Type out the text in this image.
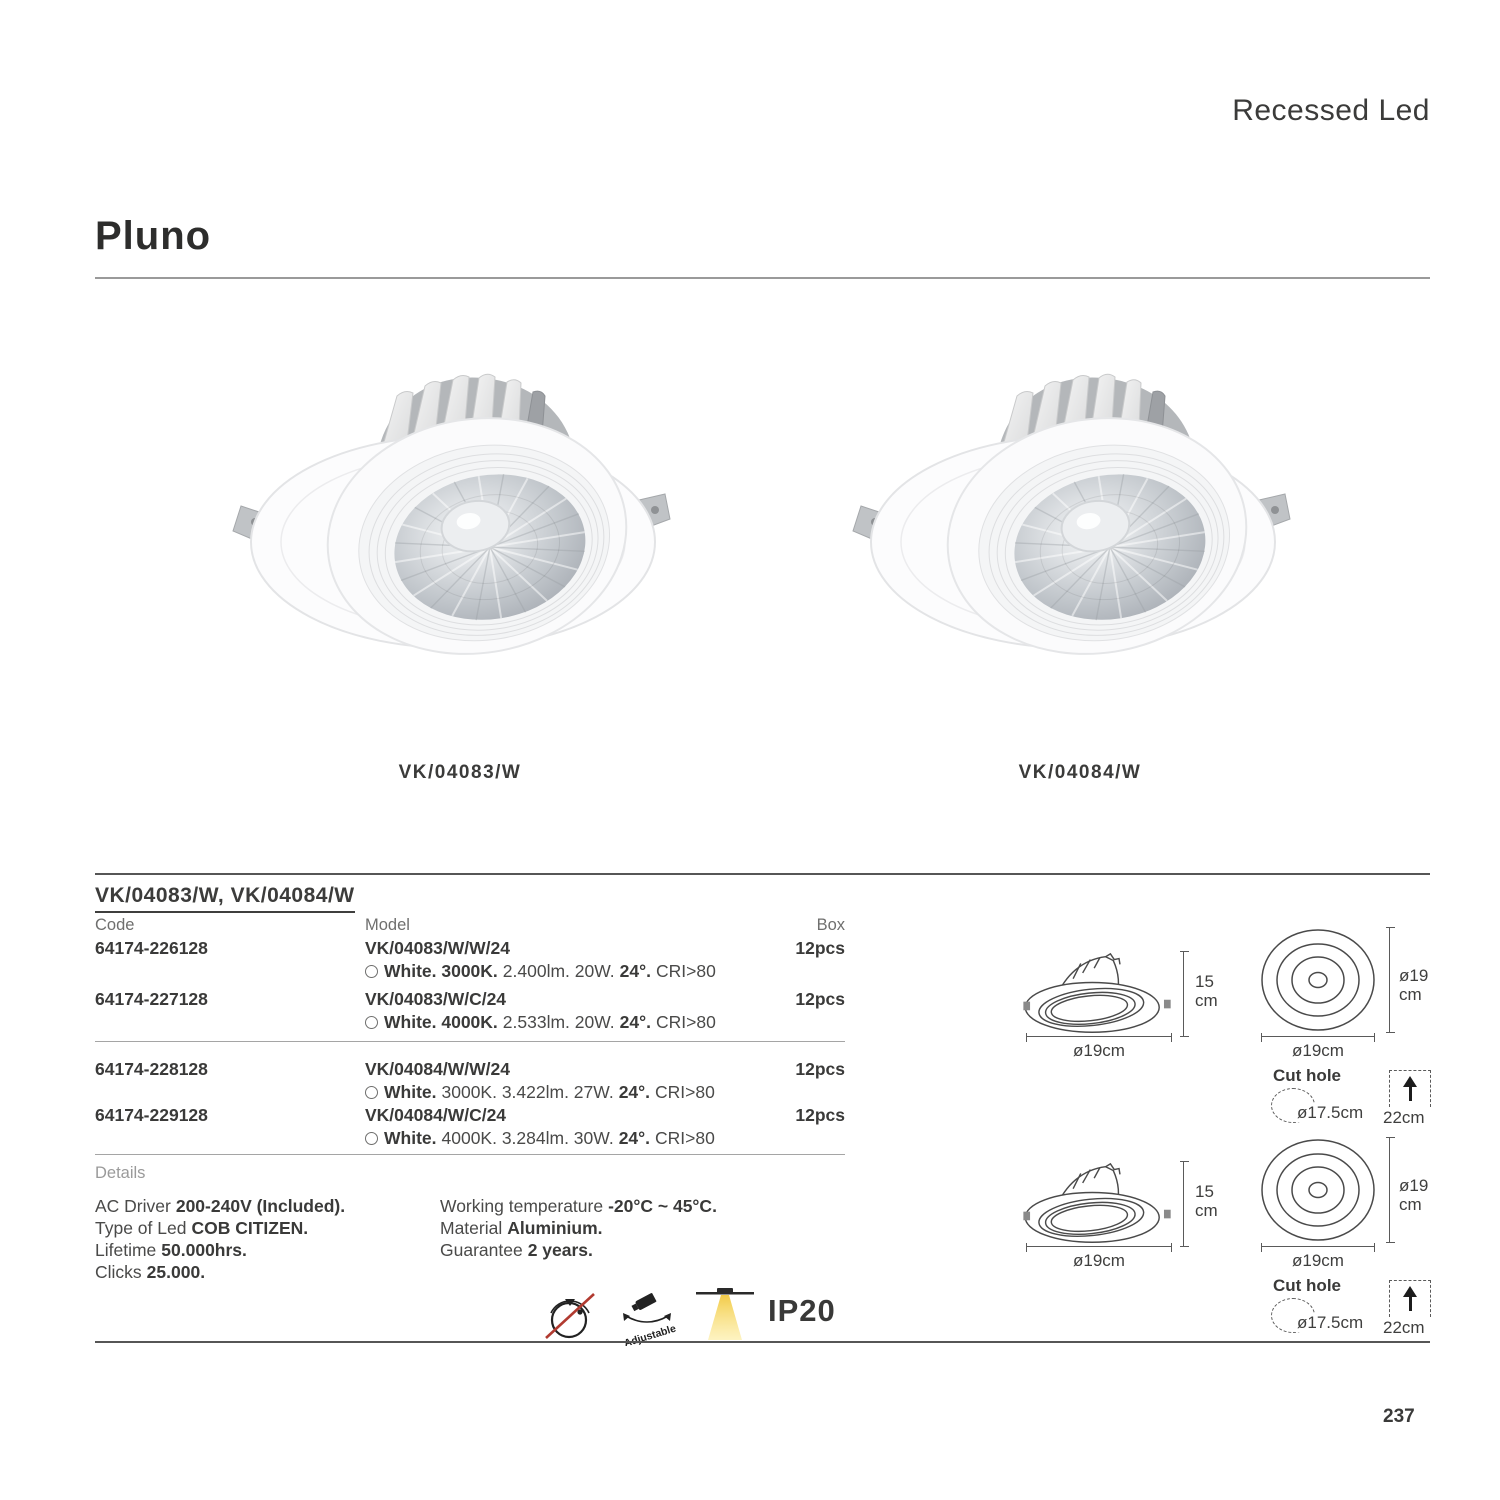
Recessed Led
Pluno
VK/04083/W	VK/04084/W
VK/04083/W, VK/04084/W
Code	Model	Box
64174-226128	VK/04083/W/W/24	12pcs
White. 3000K. 2.400lm. 20W. 24°. CRI>80
64174-227128	VK/04083/W/C/24	12pcs
White. 4000K. 2.533lm. 20W. 24°. CRI>80
64174-228128	VK/04084/W/W/24	12pcs
White. 3000K. 3.422lm. 27W. 24°. CRI>80
64174-229128	VK/04084/W/C/24	12pcs
White. 4000K. 3.284lm. 30W. 24°. CRI>80
Details
AC Driver 200-240V (Included).
Type of Led COB CITIZEN.
Lifetime 50.000hrs.
Clicks 25.000.
Working temperature -20°C ~ 45°C.
Material Aluminium.
Guarantee 2 years.
Adjustable
IP20
15 cm
ø19cm
ø19 cm
ø19cm
Cut hole
ø17.5cm 22cm
15 cm
ø19cm
ø19 cm
ø19cm
Cut hole
ø17.5cm 22cm
237
